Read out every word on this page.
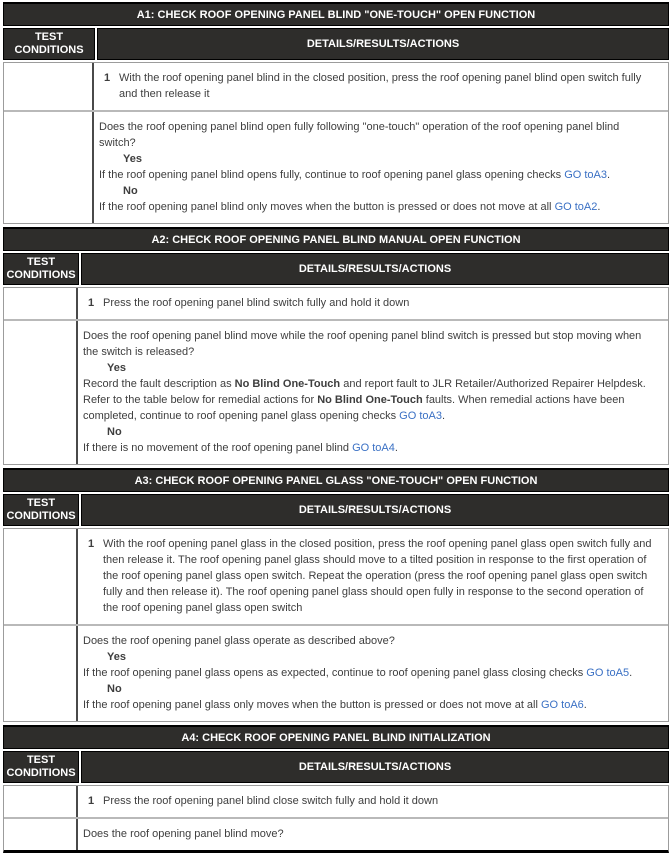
A1: CHECK ROOF OPENING PANEL BLIND "ONE-TOUCH" OPEN FUNCTION
TEST CONDITIONS
DETAILS/RESULTS/ACTIONS
1 With the roof opening panel blind in the closed position, press the roof opening panel blind open switch fully and then release it
Does the roof opening panel blind open fully following "one-touch" operation of the roof opening panel blind switch?
Yes
If the roof opening panel blind opens fully, continue to roof opening panel glass opening checks GO toA3.
No
If the roof opening panel blind only moves when the button is pressed or does not move at all GO toA2.
A2: CHECK ROOF OPENING PANEL BLIND MANUAL OPEN FUNCTION
TEST CONDITIONS
DETAILS/RESULTS/ACTIONS
1 Press the roof opening panel blind switch fully and hold it down
Does the roof opening panel blind move while the roof opening panel blind switch is pressed but stop moving when the switch is released?
Yes
Record the fault description as No Blind One-Touch and report fault to JLR Retailer/Authorized Repairer Helpdesk. Refer to the table below for remedial actions for No Blind One-Touch faults. When remedial actions have been completed, continue to roof opening panel glass opening checks GO toA3.
No
If there is no movement of the roof opening panel blind GO toA4.
A3: CHECK ROOF OPENING PANEL GLASS "ONE-TOUCH" OPEN FUNCTION
TEST CONDITIONS
DETAILS/RESULTS/ACTIONS
1 With the roof opening panel glass in the closed position, press the roof opening panel glass open switch fully and then release it. The roof opening panel glass should move to a tilted position in response to the first operation of the roof opening panel glass open switch. Repeat the operation (press the roof opening panel glass open switch fully and then release it). The roof opening panel glass should open fully in response to the second operation of the roof opening panel glass open switch
Does the roof opening panel glass operate as described above?
Yes
If the roof opening panel glass opens as expected, continue to roof opening panel glass closing checks GO toA5.
No
If the roof opening panel glass only moves when the button is pressed or does not move at all GO toA6.
A4: CHECK ROOF OPENING PANEL BLIND INITIALIZATION
TEST CONDITIONS
DETAILS/RESULTS/ACTIONS
1 Press the roof opening panel blind close switch fully and hold it down
Does the roof opening panel blind move?
